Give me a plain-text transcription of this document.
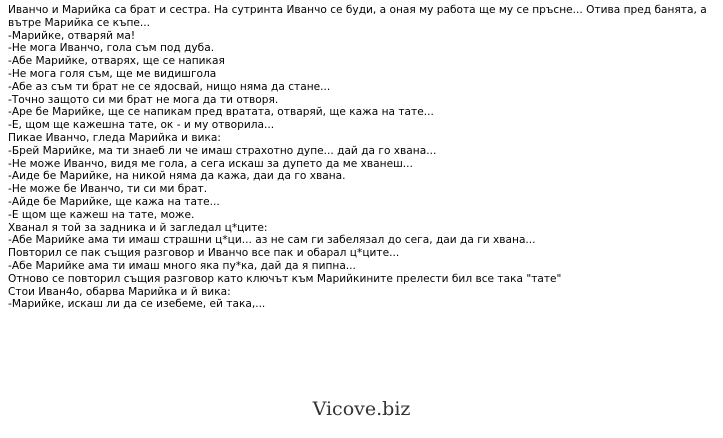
Иванчо и Марийка са брат и сестра. На сутринта Иванчо се буди, а оная му работа ще му се пръсне... Отива пред банята, а вътре Марийка се къпе...

-Марийке, отваряй ма!

-Не мога Иванчо, гола съм под дуба.

-Абе Марийке, отварях, ще се напикая

-Не мога голя съм, ще ме видишгола

-Абе аз съм ти брат не се ядосвай, нищо няма да стане...

-Точно защото си ми брат не мога да ти отворя.

-Аре бе Марийке, ще се напикам пред вратата, отваряй, ще кажа на тате...

-Е, щом ще кажешна тате, ок - и му отворила...

Пикае Иванчо, гледа Марийка и вика:

-Брей Марийке, ма ти знаеб ли че имаш страхотно дупе... дай да го хвана...

-Не може Иванчо, видя ме гола, а сега искаш за дупето да ме хванеш...

-Аиде бе Марийке, на никой няма да кажа, даи да го хвана.

-Не може бе Иванчо, ти си ми брат.

-Айде бе Марийке, ще кажа на тате...

-Е щом ще кажеш на тате, може.

Хванал я той за задника и й загледал ц*ците:

-Абе Марийке ама ти имаш страшни ц*ци... аз не сам ги забелязал до сега, даи да ги хвана...

Повторил се пак същия разговор и Иванчо все пак и обарал ц*ците...

-Абе Марийке ама ти имаш много яка пу*ка, дай да я пипна...

Отново се повторил същия разговор като ключът към Марийкините прелести бил все така "тате"

Стои Иван4о, обарва Марийка и й вика:

-Марийке, искаш ли да се изебеме, ей така,...

Vicove.biz
